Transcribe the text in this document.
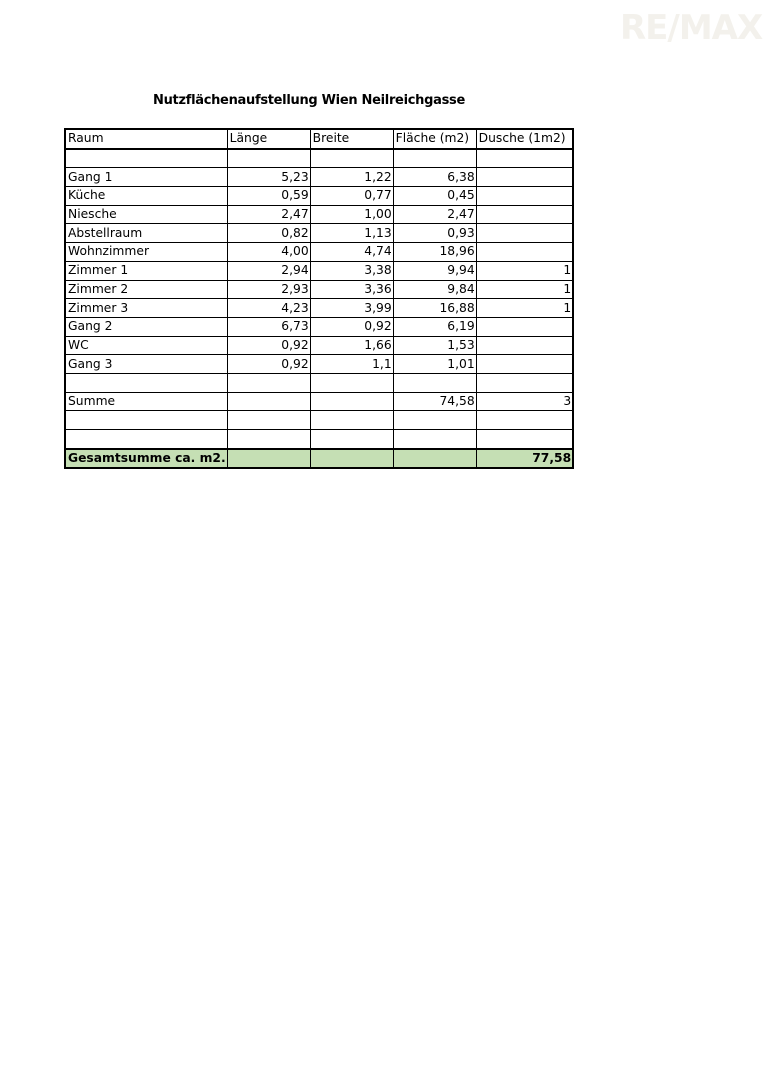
RE/MAX
Nutzflächenaufstellung Wien Neilreichgasse
Raum	Länge	Breite	Fläche (m2)	Dusche (1m2)

Gang 1	5,23	1,22	6,38	
Küche	0,59	0,77	0,45	
Niesche	2,47	1,00	2,47	
Abstellraum	0,82	1,13	0,93	
Wohnzimmer	4,00	4,74	18,96	
Zimmer 1	2,94	3,38	9,94	1
Zimmer 2	2,93	3,36	9,84	1
Zimmer 3	4,23	3,99	16,88	1
Gang 2	6,73	0,92	6,19	
WC	0,92	1,66	1,53	
Gang 3	0,92	1,1	1,01	

Summe			74,58	3

Gesamtsumme ca. m2.				77,58
